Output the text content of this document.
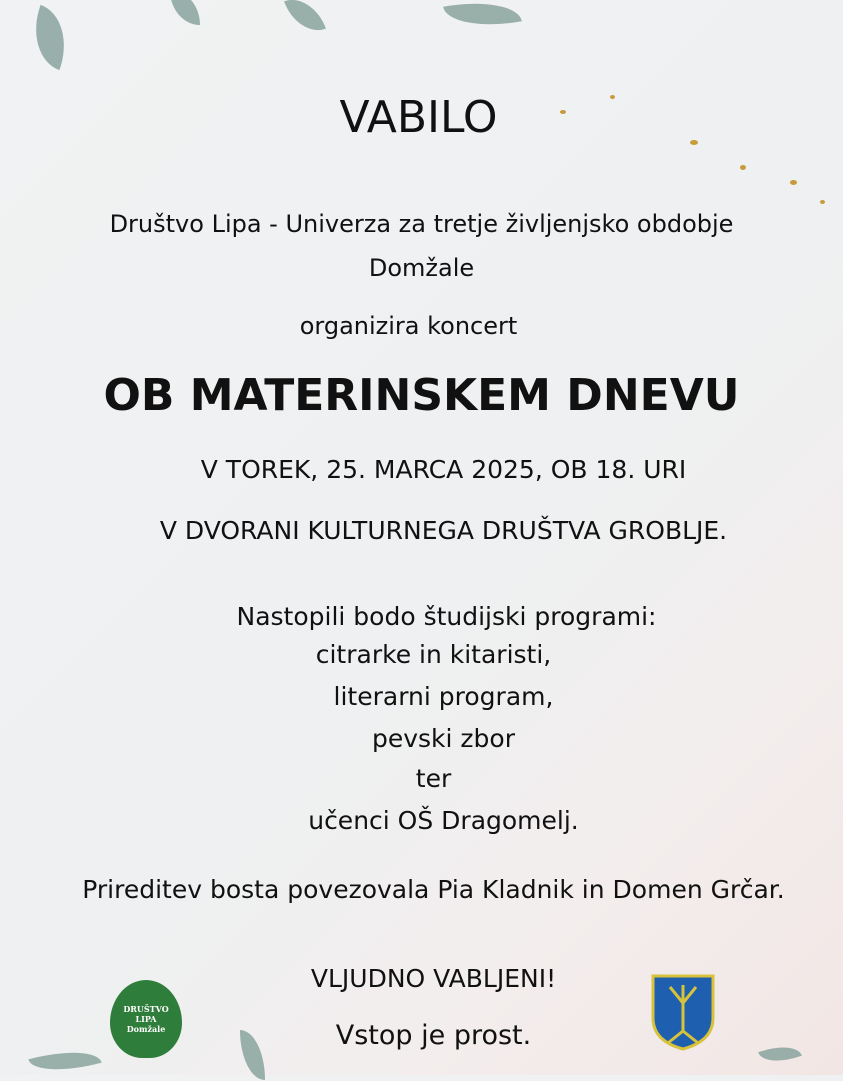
VABILO
Društvo Lipa - Univerza za tretje življenjsko obdobje
Domžale
organizira koncert
OB MATERINSKEM DNEVU
V TOREK, 25. MARCA 2025, OB 18. URI
V DVORANI KULTURNEGA DRUŠTVA GROBLJE.
Nastopili bodo študijski programi:
citrarke in kitaristi,
literarni program,
pevski zbor
ter
učenci OŠ Dragomelj.
Prireditev bosta povezovala Pia Kladnik in Domen Grčar.
VLJUDNO VABLJENI!
Vstop je prost.
DRUŠTVO
LIPA
Domžale
